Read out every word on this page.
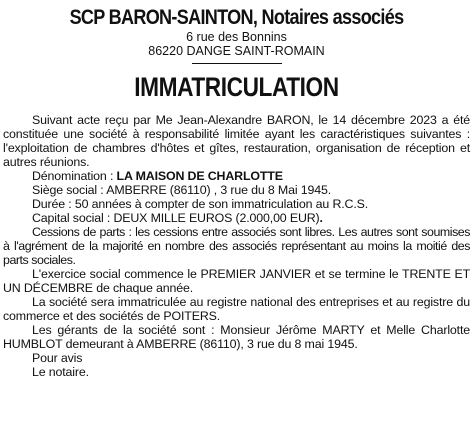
SCP BARON-SAINTON, Notaires associés
6 rue des Bonnins
86220 DANGE SAINT-ROMAIN
IMMATRICULATION

Suivant acte reçu par Me Jean-Alexandre BARON, le 14 décembre 2023 a été constituée une société à responsabilité limitée ayant les caractéristiques suivantes : l'exploitation de chambres d'hôtes et gîtes, restauration, organisation de réception et autres réunions.

Dénomination : LA MAISON DE CHARLOTTE

Siège social : AMBERRE (86110) , 3 rue du 8 Mai 1945.

Durée : 50 années à compter de son immatriculation au R.C.S.

Capital social : DEUX MILLE EUROS (2.000,00 EUR).

Cessions de parts : les cessions entre associés sont libres. Les autres sont soumises à l'agrément de la majorité en nombre des associés représentant au moins la moitié des parts sociales.

L'exercice social commence le PREMIER JANVIER et se termine le TRENTE ET UN DÉCEMBRE de chaque année.

La société sera immatriculée au registre national des entreprises et au registre du commerce et des sociétés de POITERS.

Les gérants de la société sont : Monsieur Jérôme MARTY et Melle Charlotte HUMBLOT demeurant à AMBERRE (86110), 3 rue du 8 mai 1945.

Pour avis

Le notaire.
